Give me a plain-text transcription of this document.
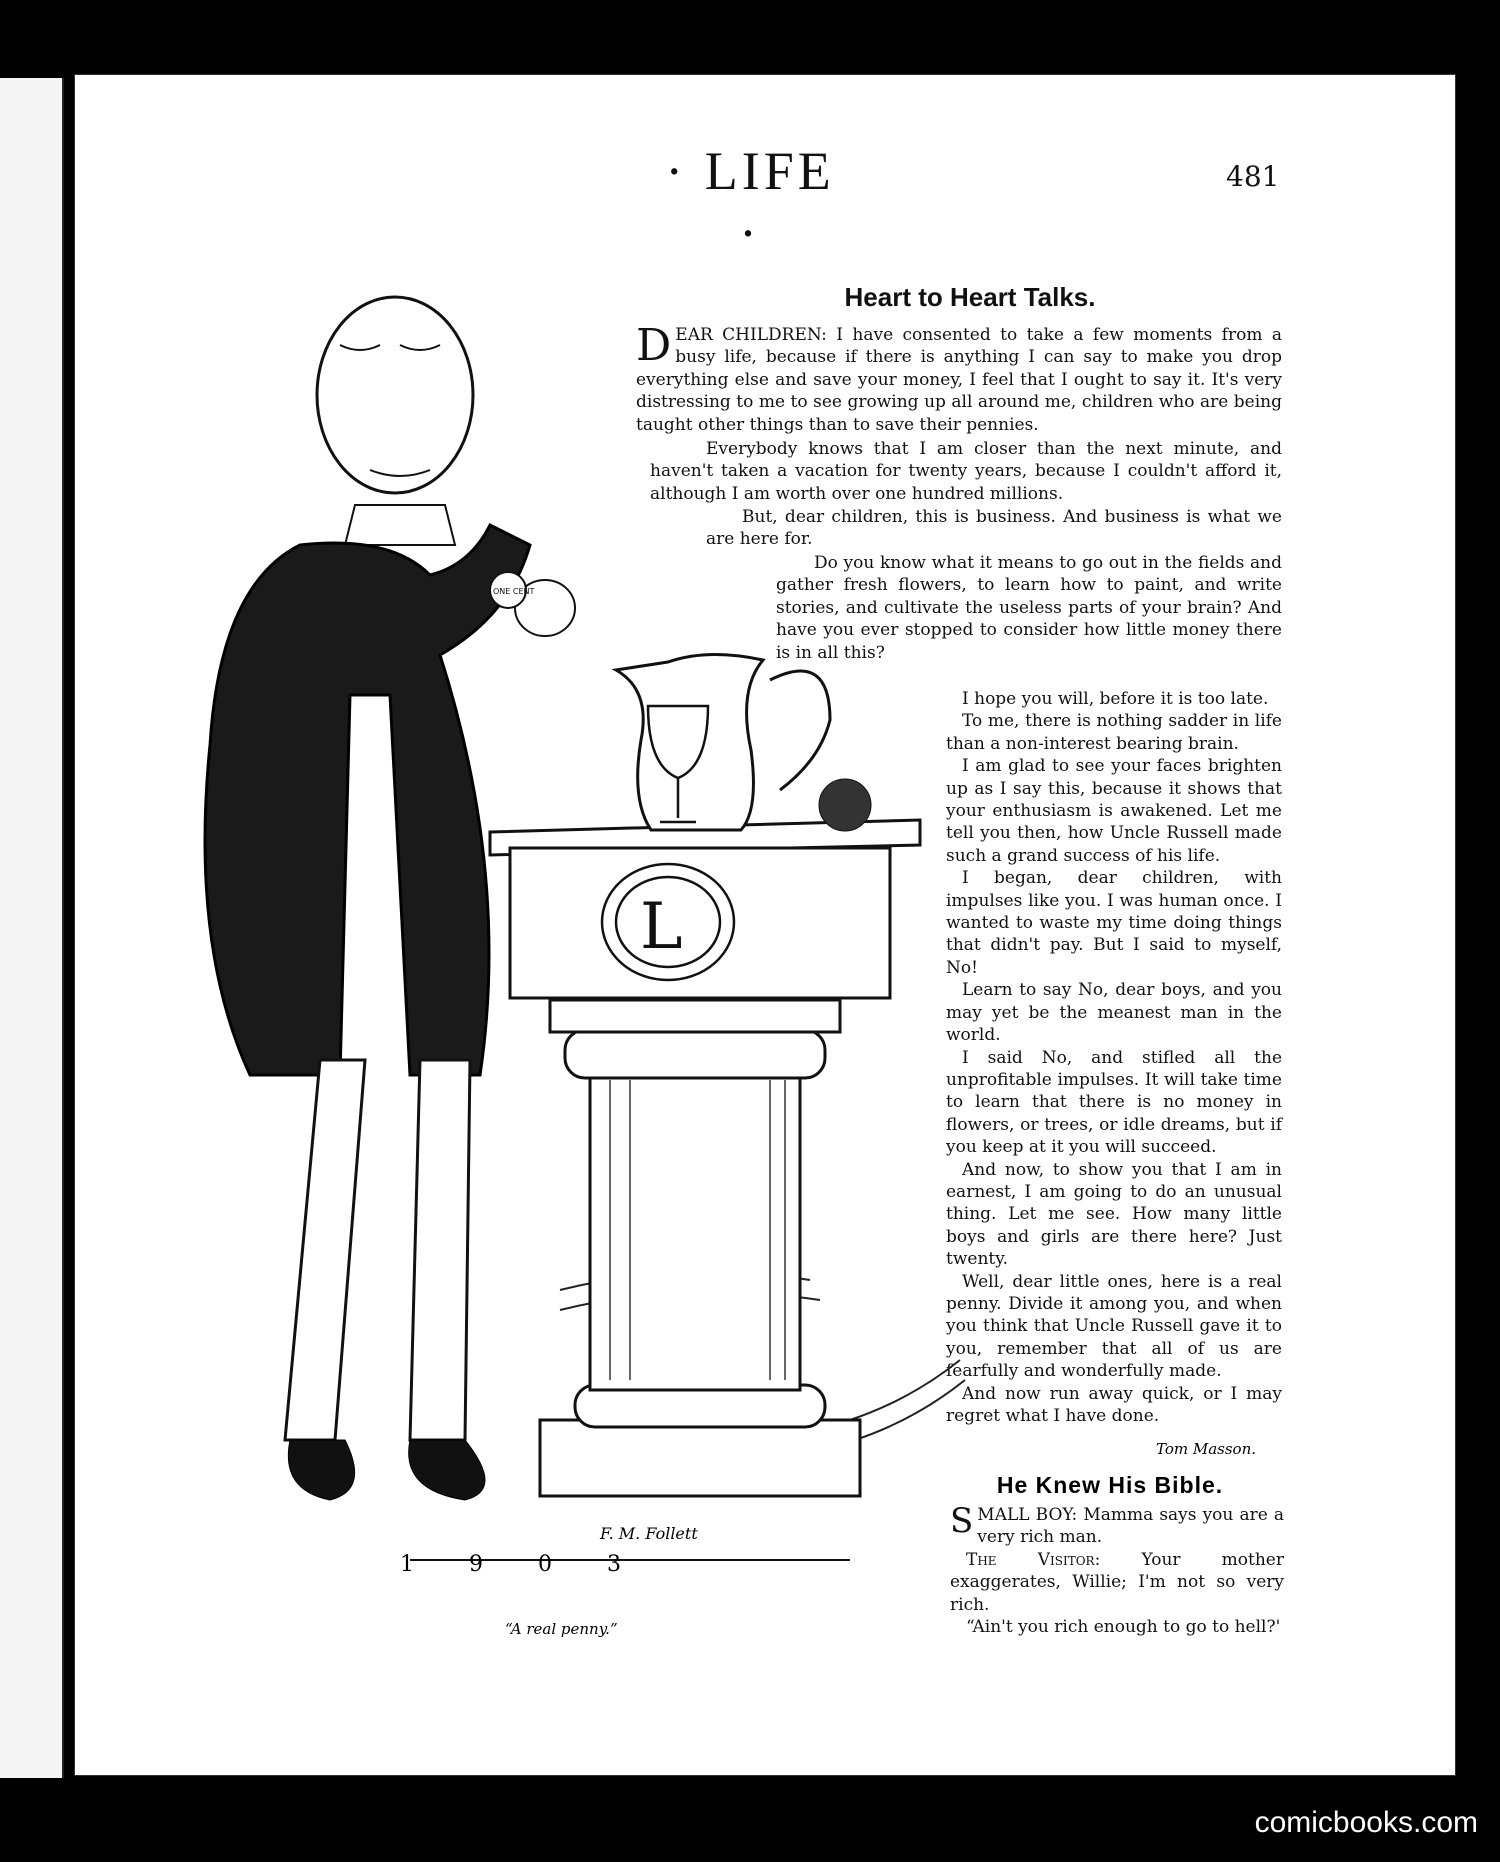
· LIFE ·
481
Heart to Heart Talks.

DEAR CHILDREN: I have consented to take a few moments from a busy life, because if there is anything I can say to make you drop everything else and save your money, I feel that I ought to say it. It's very distressing to me to see growing up all around me, children who are being taught other things than to save their pennies.

Everybody knows that I am closer than the next minute, and haven't taken a vacation for twenty years, because I couldn't afford it, although I am worth over one hundred millions.

But, dear children, this is business. And business is what we are here for.

Do you know what it means to go out in the fields and gather fresh flowers, to learn how to paint, and write stories, and cultivate the useless parts of your brain? And have you ever stopped to consider how little money there is in all this?

I hope you will, before it is too late.

To me, there is nothing sadder in life than a non-interest bearing brain.

I am glad to see your faces brighten up as I say this, because it shows that your enthusiasm is awakened. Let me tell you then, how Uncle Russell made such a grand success of his life.

I began, dear children, with impulses like you. I was human once. I wanted to waste my time doing things that didn't pay. But I said to myself, No!

Learn to say No, dear boys, and you may yet be the meanest man in the world.

I said No, and stifled all the unprofitable impulses. It will take time to learn that there is no money in flowers, or trees, or idle dreams, but if you keep at it you will succeed.

And now, to show you that I am in earnest, I am going to do an unusual thing. Let me see. How many little boys and girls are there here? Just twenty.

Well, dear little ones, here is a real penny. Divide it among you, and when you think that Uncle Russell gave it to you, remember that all of us are fearfully and wonderfully made.

And now run away quick, or I may regret what I have done.

Tom Masson.
He Knew His Bible.

SMALL BOY: Mamma says you are a very rich man.

The Visitor: Your mother exaggerates, Willie; I'm not so very rich.

“Ain't you rich enough to go to hell?'

L
ONE CENT
1 9 0 3
F. M. Follett
“A real penny.”
comicbooks.com
